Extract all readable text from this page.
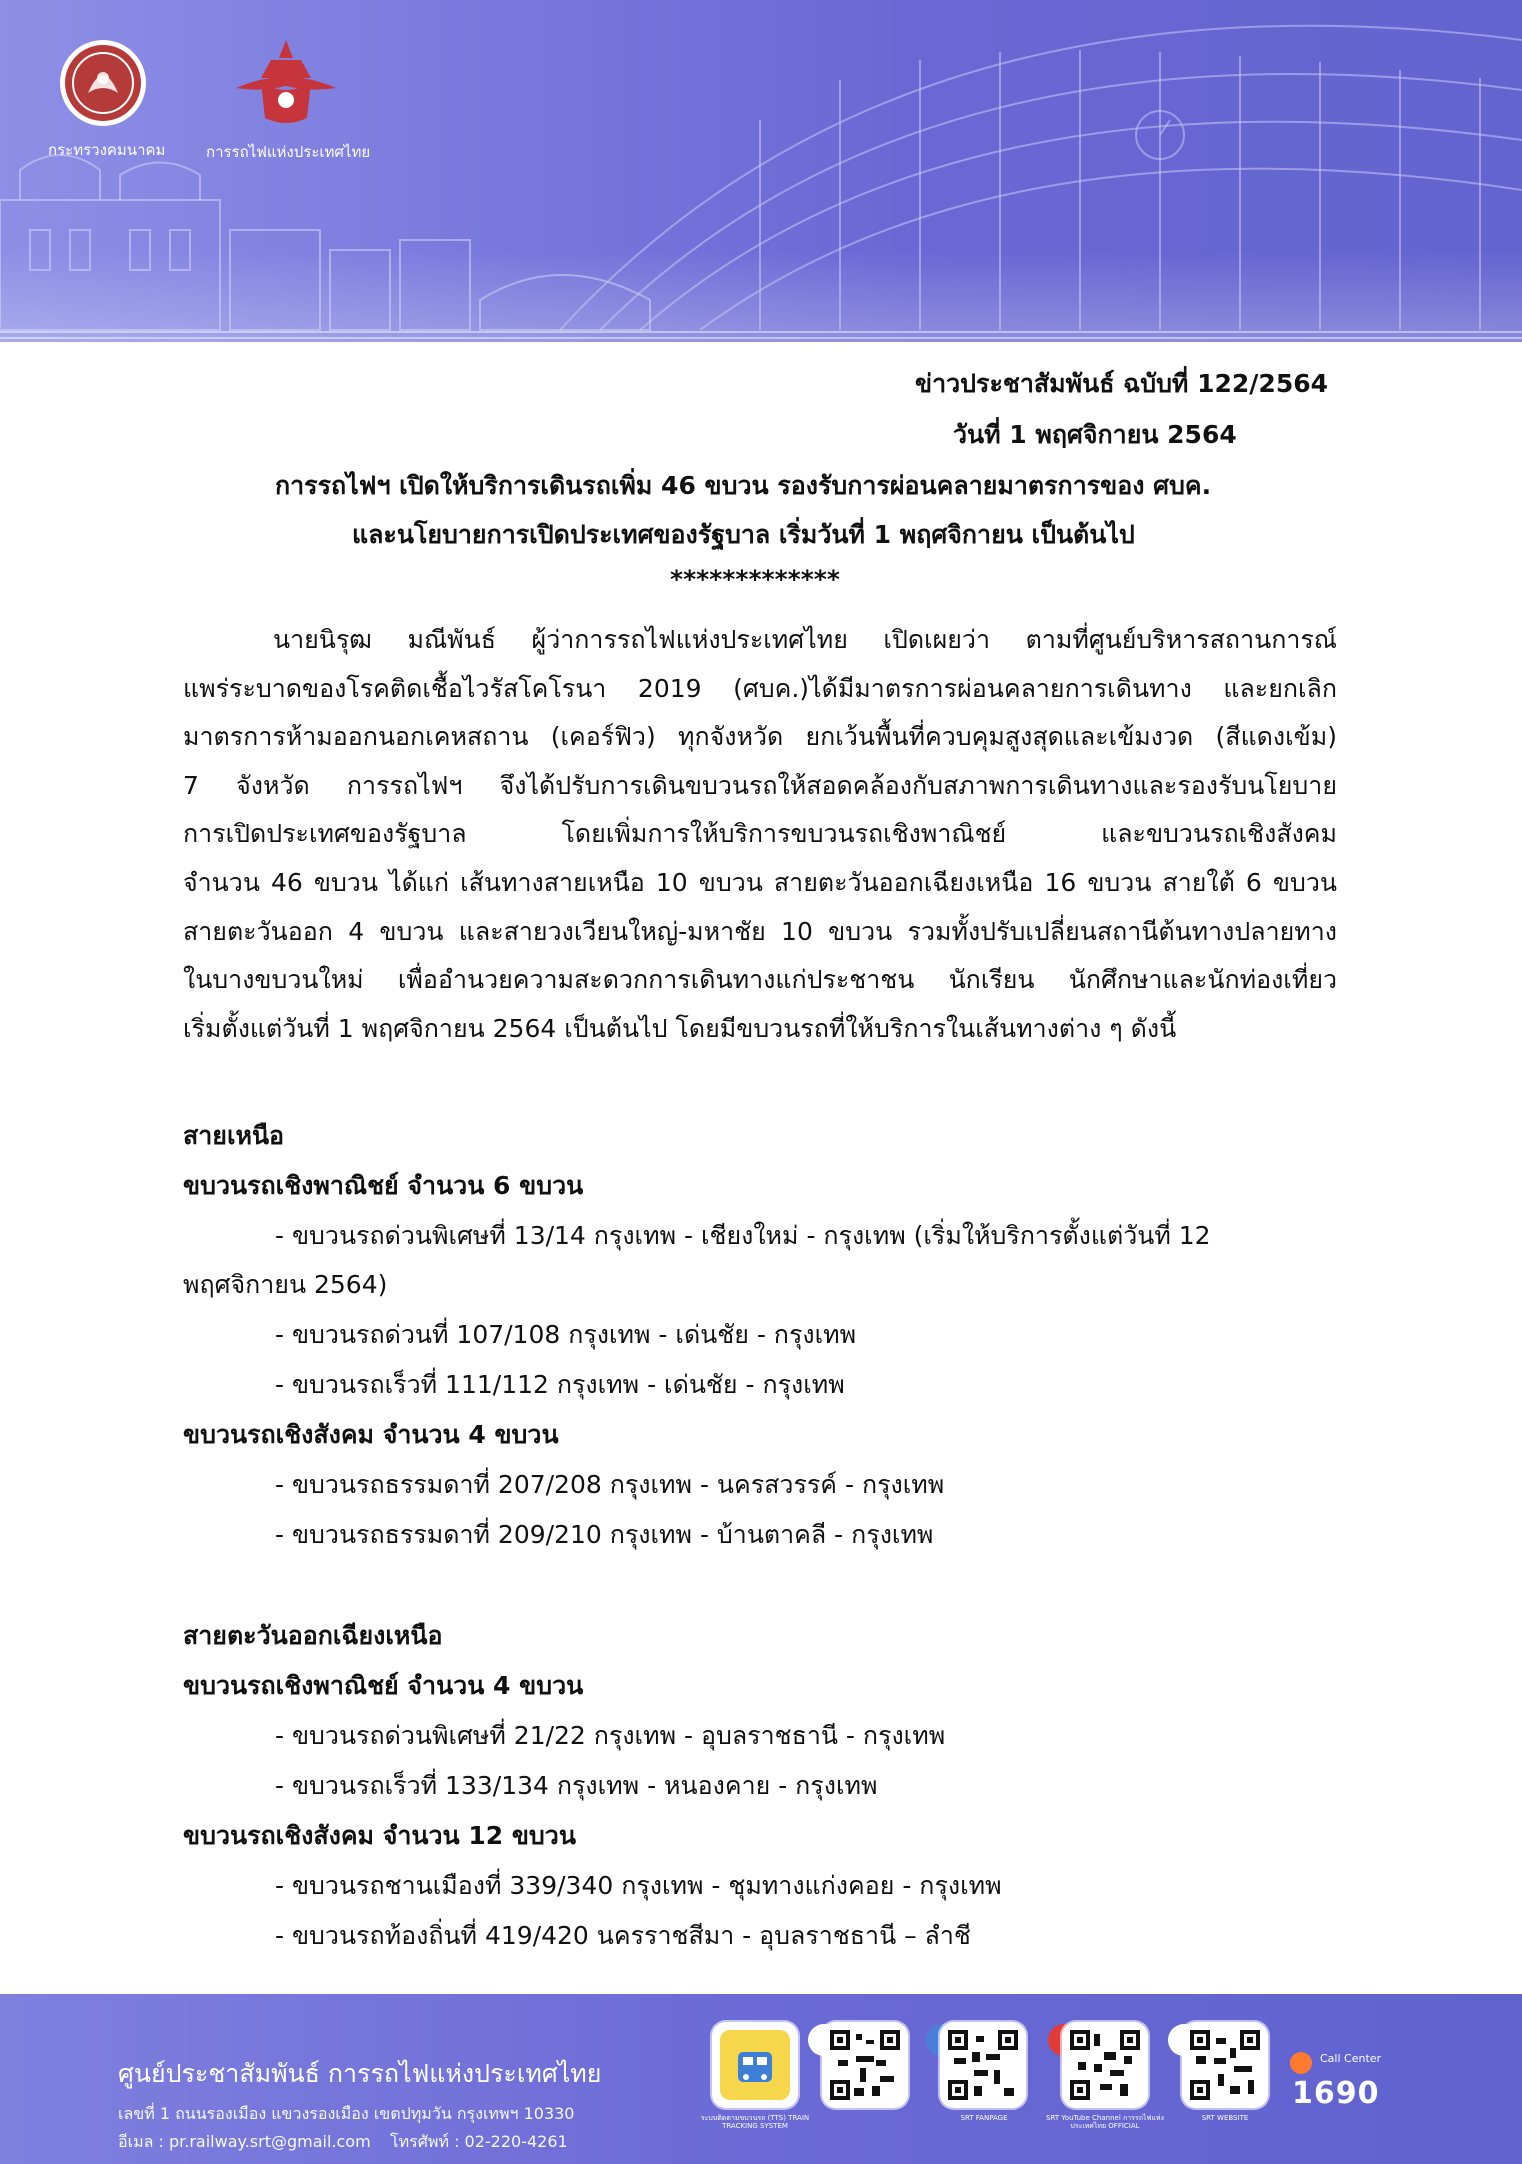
กระทรวงคมนาคม	การรถไฟแห่งประเทศไทย
ข่าวประชาสัมพันธ์ ฉบับที่ 122/2564
วันที่ 1 พฤศจิกายน 2564
การรถไฟฯ เปิดให้บริการเดินรถเพิ่ม 46 ขบวน รองรับการผ่อนคลายมาตรการของ ศบค.
และนโยบายการเปิดประเทศของรัฐบาล เริ่มวันที่ 1 พฤศจิกายน เป็นต้นไป
*************
นายนิรุฒ มณีพันธ์ ผู้ว่าการรถไฟแห่งประเทศไทย เปิดเผยว่า ตามที่ศูนย์บริหารสถานการณ์
แพร่ระบาดของโรคติดเชื้อไวรัสโคโรนา 2019 (ศบค.)ได้มีมาตรการผ่อนคลายการเดินทาง และยกเลิก
มาตรการห้ามออกนอกเคหสถาน (เคอร์ฟิว) ทุกจังหวัด ยกเว้นพื้นที่ควบคุมสูงสุดและเข้มงวด (สีแดงเข้ม)
7 จังหวัด การรถไฟฯ จึงได้ปรับการเดินขบวนรถให้สอดคล้องกับสภาพการเดินทางและรองรับนโยบาย
การเปิดประเทศของรัฐบาล โดยเพิ่มการให้บริการขบวนรถเชิงพาณิชย์ และขบวนรถเชิงสังคม
จำนวน 46 ขบวน ได้แก่ เส้นทางสายเหนือ 10 ขบวน สายตะวันออกเฉียงเหนือ 16 ขบวน สายใต้ 6 ขบวน
สายตะวันออก 4 ขบวน และสายวงเวียนใหญ่-มหาชัย 10 ขบวน รวมทั้งปรับเปลี่ยนสถานีต้นทางปลายทาง
ในบางขบวนใหม่ เพื่ออำนวยความสะดวกการเดินทางแก่ประชาชน นักเรียน นักศึกษาและนักท่องเที่ยว
เริ่มตั้งแต่วันที่ 1 พฤศจิกายน 2564 เป็นต้นไป โดยมีขบวนรถที่ให้บริการในเส้นทางต่าง ๆ ดังนี้
สายเหนือ
ขบวนรถเชิงพาณิชย์ จำนวน 6 ขบวน
- ขบวนรถด่วนพิเศษที่ 13/14 กรุงเทพ - เชียงใหม่ - กรุงเทพ (เริ่มให้บริการตั้งแต่วันที่ 12
พฤศจิกายน 2564)
- ขบวนรถด่วนที่ 107/108 กรุงเทพ - เด่นชัย - กรุงเทพ
- ขบวนรถเร็วที่ 111/112 กรุงเทพ - เด่นชัย - กรุงเทพ
ขบวนรถเชิงสังคม จำนวน 4 ขบวน
- ขบวนรถธรรมดาที่ 207/208 กรุงเทพ - นครสวรรค์ - กรุงเทพ
- ขบวนรถธรรมดาที่ 209/210 กรุงเทพ - บ้านตาคลี - กรุงเทพ
สายตะวันออกเฉียงเหนือ
ขบวนรถเชิงพาณิชย์ จำนวน 4 ขบวน
- ขบวนรถด่วนพิเศษที่ 21/22 กรุงเทพ - อุบลราชธานี - กรุงเทพ
- ขบวนรถเร็วที่ 133/134 กรุงเทพ - หนองคาย - กรุงเทพ
ขบวนรถเชิงสังคม จำนวน 12 ขบวน
- ขบวนรถชานเมืองที่ 339/340 กรุงเทพ - ชุมทางแก่งคอย - กรุงเทพ
- ขบวนรถท้องถิ่นที่ 419/420 นครราชสีมา - อุบลราชธานี – ลำชี
ศูนย์ประชาสัมพันธ์ การรถไฟแห่งประเทศไทย
เลขที่ 1 ถนนรองเมือง แขวงรองเมือง เขตปทุมวัน กรุงเทพฯ 10330
อีเมล : pr.railway.srt@gmail.com โทรศัพท์ : 02-220-4261
ระบบติดตามขบวนรถ (TTS) TRAIN TRACKING SYSTEM
SRT FANPAGE	SRT YouTube Channel การรถไฟแห่งประเทศไทย OFFICIAL
SRT WEBSITE
Call Center
1690
